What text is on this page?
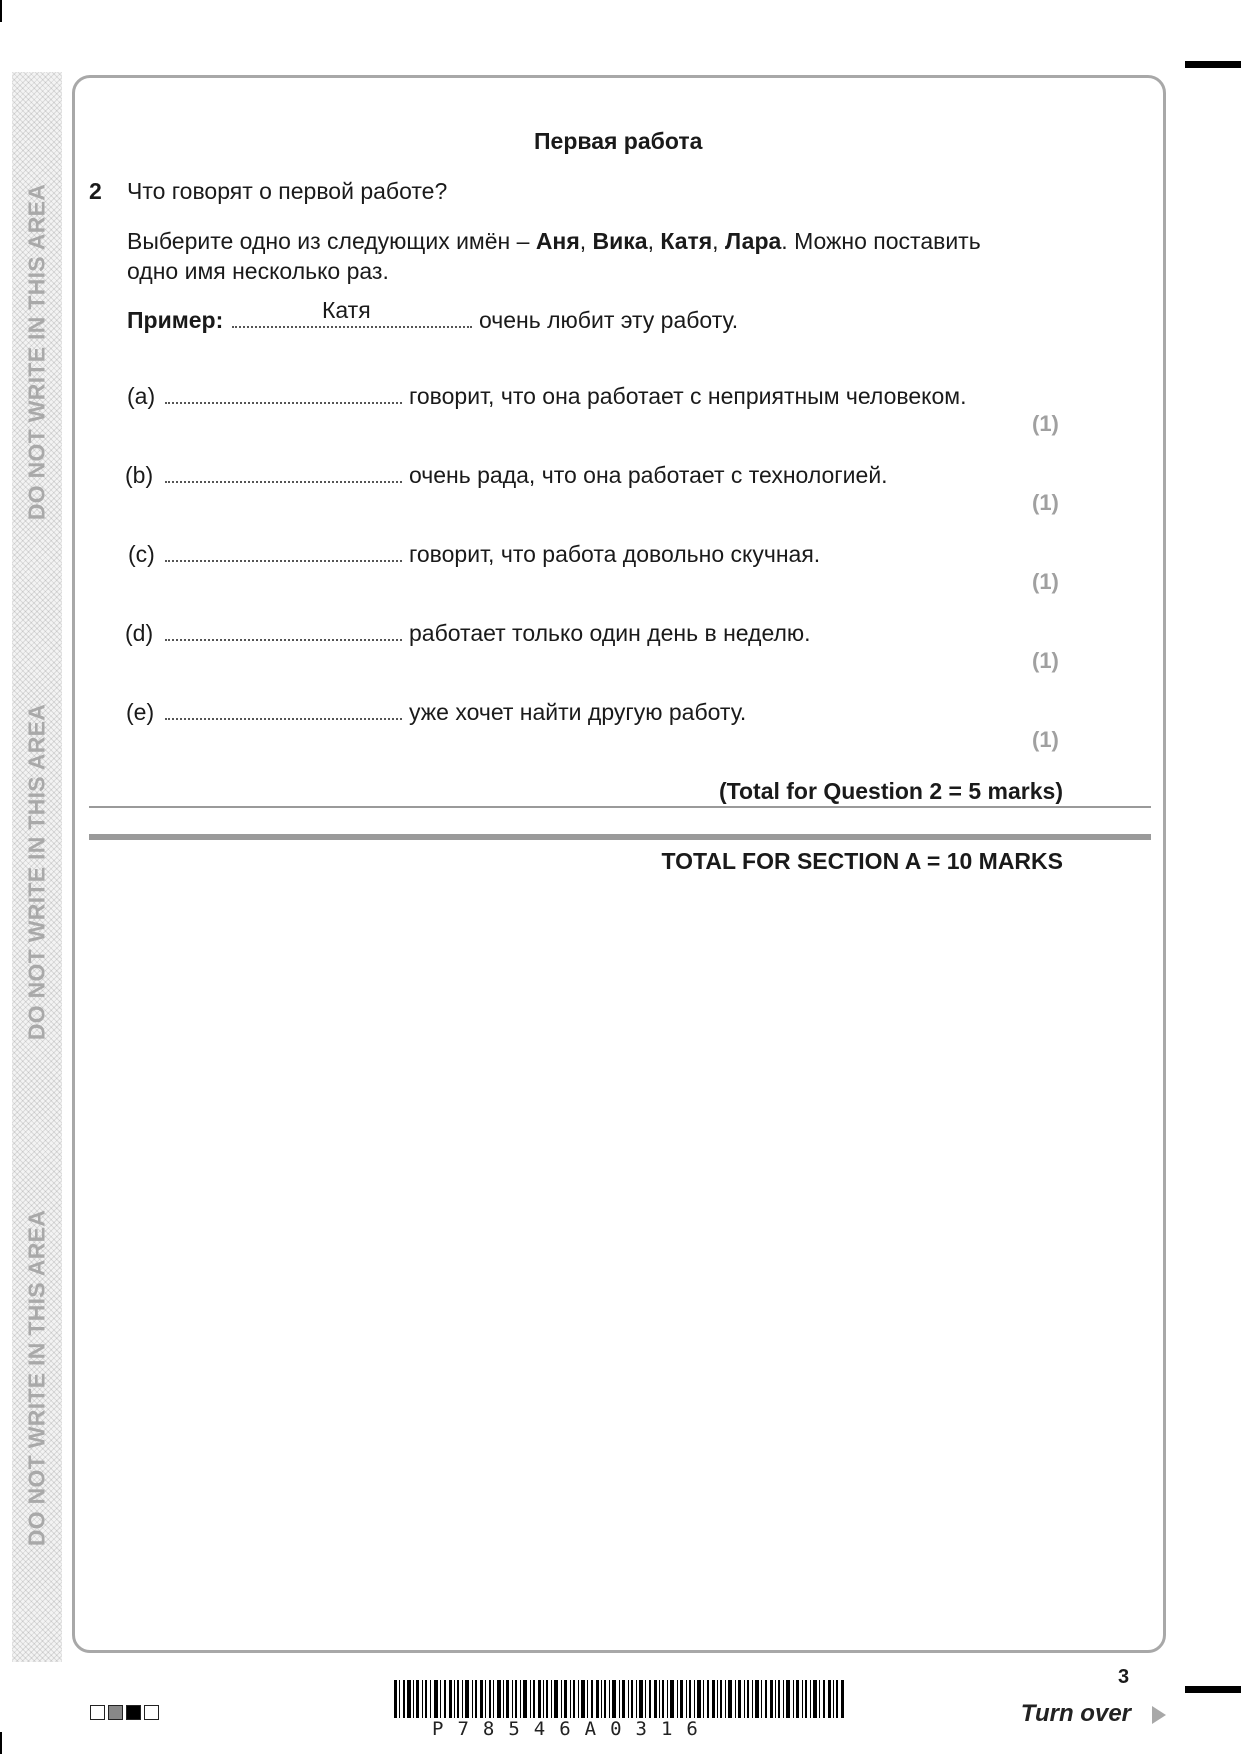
DO NOT WRITE IN THIS AREA
DO NOT WRITE IN THIS AREA
DO NOT WRITE IN THIS AREA
Первая работа
2 Что говорят о первой работе?
Выберите одно из следующих имён – Аня, Вика, Катя, Лара. Можно поставить
одно имя несколько раз.
Пример:	Катя	очень любит эту работу.
(a)	говорит, что она работает с неприятным человеком.
(1)
(b)	очень рада, что она работает с технологией.
(1)
(c)	говорит, что работа довольно скучная.
(1)
(d)	работает только один день в неделю.
(1)
(e)	уже хочет найти другую работу.
(1)
(Total for Question 2 = 5 marks)
TOTAL FOR SECTION A = 10 MARKS
P78546A0316
3
Turn over
